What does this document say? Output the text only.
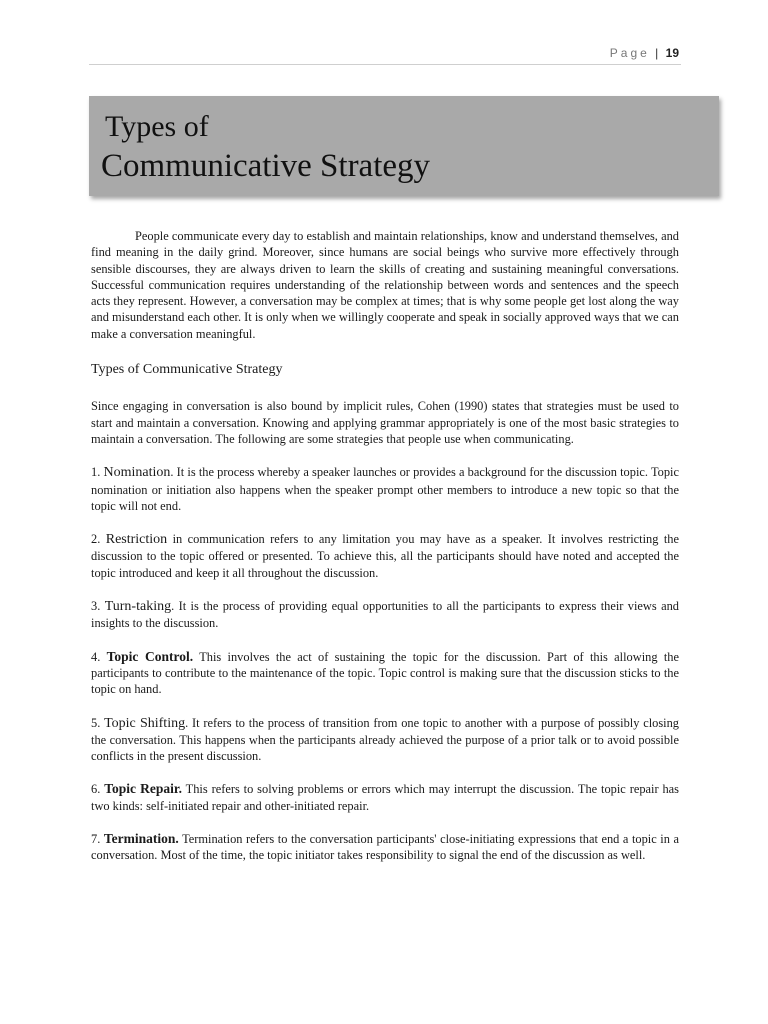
Page | 19
Types of
Communicative Strategy

People communicate every day to establish and maintain relationships, know and understand themselves, and find meaning in the daily grind. Moreover, since humans are social beings who survive more effectively through sensible discourses, they are always driven to learn the skills of creating and sustaining meaningful conversations. Successful communication requires understanding of the relationship between words and sentences and the speech acts they represent. However, a conversation may be complex at times; that is why some people get lost along the way and misunderstand each other. It is only when we willingly cooperate and speak in socially approved ways that we can make a conversation meaningful.

Types of Communicative Strategy

Since engaging in conversation is also bound by implicit rules, Cohen (1990) states that strategies must be used to start and maintain a conversation. Knowing and applying grammar appropriately is one of the most basic strategies to maintain a conversation. The following are some strategies that people use when communicating.

1. Nomination. It is the process whereby a speaker launches or provides a background for the discussion topic. Topic nomination or initiation also happens when the speaker prompt other members to introduce a new topic so that the topic will not end.

2. Restriction in communication refers to any limitation you may have as a speaker. It involves restricting the discussion to the topic offered or presented. To achieve this, all the participants should have noted and accepted the topic introduced and keep it all throughout the discussion.

3. Turn-taking. It is the process of providing equal opportunities to all the participants to express their views and insights to the discussion.

4. Topic Control. This involves the act of sustaining the topic for the discussion. Part of this allowing the participants to contribute to the maintenance of the topic. Topic control is making sure that the discussion sticks to the topic on hand.

5. Topic Shifting. It refers to the process of transition from one topic to another with a purpose of possibly closing the conversation. This happens when the participants already achieved the purpose of a prior talk or to avoid possible conflicts in the present discussion.

6. Topic Repair. This refers to solving problems or errors which may interrupt the discussion. The topic repair has two kinds: self-initiated repair and other-initiated repair.

7. Termination. Termination refers to the conversation participants' close-initiating expressions that end a topic in a conversation. Most of the time, the topic initiator takes responsibility to signal the end of the discussion as well.
